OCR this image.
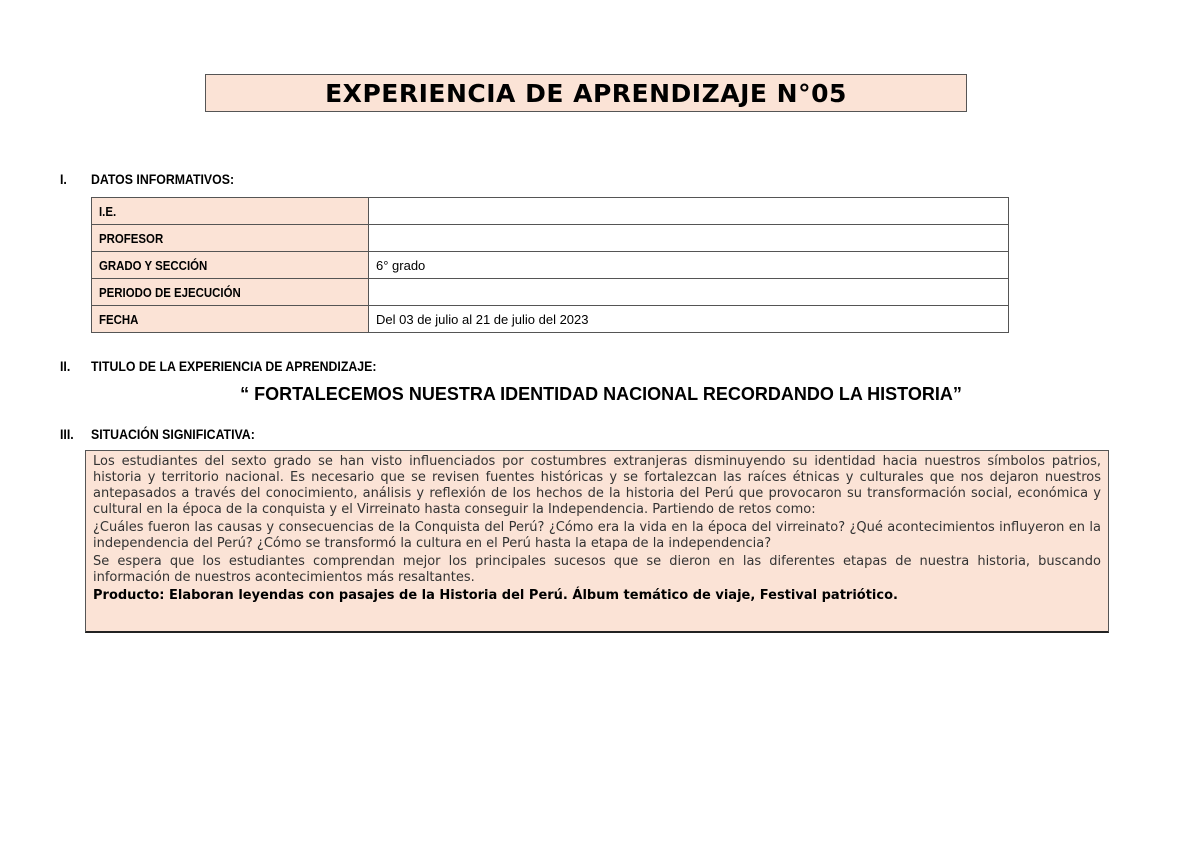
EXPERIENCIA DE APRENDIZAJE N°05
I. DATOS INFORMATIVOS:
I.E.	
PROFESOR	
GRADO Y SECCIÓN	6° grado
PERIODO DE EJECUCIÓN	
FECHA	Del 03 de julio al 21 de julio del 2023
II. TITULO DE LA EXPERIENCIA DE APRENDIZAJE:
“ FORTALECEMOS NUESTRA IDENTIDAD NACIONAL RECORDANDO LA HISTORIA”
III. SITUACIÓN SIGNIFICATIVA:

Los estudiantes del sexto grado se han visto influenciados por costumbres extranjeras disminuyendo su identidad hacia nuestros símbolos patrios, historia y territorio nacional. Es necesario que se revisen fuentes históricas y se fortalezcan las raíces étnicas y culturales que nos dejaron nuestros antepasados a través del conocimiento, análisis y reflexión de los hechos de la historia del Perú que provocaron su transformación social, económica y cultural en la época de la conquista y el Virreinato hasta conseguir la Independencia. Partiendo de retos como:

¿Cuáles fueron las causas y consecuencias de la Conquista del Perú? ¿Cómo era la vida en la época del virreinato? ¿Qué acontecimientos influyeron en la independencia del Perú? ¿Cómo se transformó la cultura en el Perú hasta la etapa de la independencia?

Se espera que los estudiantes comprendan mejor los principales sucesos que se dieron en las diferentes etapas de nuestra historia, buscando información de nuestros acontecimientos más resaltantes.

Producto: Elaboran leyendas con pasajes de la Historia del Perú. Álbum temático de viaje, Festival patriótico.
